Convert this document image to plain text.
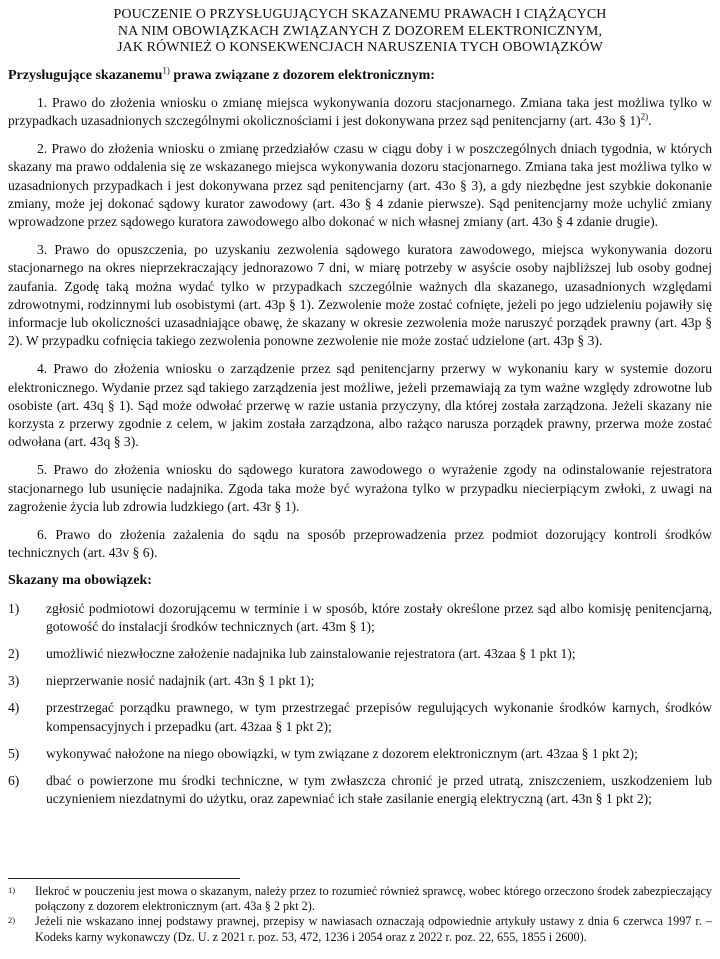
POUCZENIE O PRZYSŁUGUJĄCYCH SKAZANEMU PRAWACH I CIĄŻĄCYCH
NA NIM OBOWIĄZKACH ZWIĄZANYCH Z DOZOREM ELEKTRONICZNYM,
JAK RÓWNIEŻ O KONSEKWENCJACH NARUSZENIA TYCH OBOWIĄZKÓW
Przysługujące skazanemu$^{1)}$ prawa związane z dozorem elektronicznym:

1. Prawo do złożenia wniosku o zmianę miejsca wykonywania dozoru stacjonarnego. Zmiana taka jest możliwa tylko w przypadkach uzasadnionych szczególnymi okolicznościami i jest dokonywana przez sąd penitencjarny (art. 43o § 1)$^{2)}$.

2. Prawo do złożenia wniosku o zmianę przedziałów czasu w ciągu doby i w poszczególnych dniach tygodnia, w których skazany ma prawo oddalenia się ze wskazanego miejsca wykonywania dozoru stacjonarnego. Zmiana taka jest możliwa tylko w uzasadnionych przypadkach i jest dokonywana przez sąd penitencjarny (art. 43o § 3), a gdy niezbędne jest szybkie dokonanie zmiany, może jej dokonać sądowy kurator zawodowy (art. 43o § 4 zdanie pierwsze). Sąd penitencjarny może uchylić zmiany wprowadzone przez sądowego kuratora zawodowego albo dokonać w nich własnej zmiany (art. 43o § 4 zdanie drugie).

3. Prawo do opuszczenia, po uzyskaniu zezwolenia sądowego kuratora zawodowego, miejsca wykonywania dozoru stacjonarnego na okres nieprzekraczający jednorazowo 7 dni, w miarę potrzeby w asyście osoby najbliższej lub osoby godnej zaufania. Zgodę taką można wydać tylko w przypadkach szczególnie ważnych dla skazanego, uzasadnionych względami zdrowotnymi, rodzinnymi lub osobistymi (art. 43p § 1). Zezwolenie może zostać cofnięte, jeżeli po jego udzieleniu pojawiły się informacje lub okoliczności uzasadniające obawę, że skazany w okresie zezwolenia może naruszyć porządek prawny (art. 43p § 2). W przypadku cofnięcia takiego zezwolenia ponowne zezwolenie nie może zostać udzielone (art. 43p § 3).

4. Prawo do złożenia wniosku o zarządzenie przez sąd penitencjarny przerwy w wykonaniu kary w systemie dozoru elektronicznego. Wydanie przez sąd takiego zarządzenia jest możliwe, jeżeli przemawiają za tym ważne względy zdrowotne lub osobiste (art. 43q § 1). Sąd może odwołać przerwę w razie ustania przyczyny, dla której została zarządzona. Jeżeli skazany nie korzysta z przerwy zgodnie z celem, w jakim została zarządzona, albo rażąco narusza porządek prawny, przerwa może zostać odwołana (art. 43q § 3).

5. Prawo do złożenia wniosku do sądowego kuratora zawodowego o wyrażenie zgody na odinstalowanie rejestratora stacjonarnego lub usunięcie nadajnika. Zgoda taka może być wyrażona tylko w przypadku niecierpiącym zwłoki, z uwagi na zagrożenie życia lub zdrowia ludzkiego (art. 43r § 1).

6. Prawo do złożenia zażalenia do sądu na sposób przeprowadzenia przez podmiot dozorujący kontroli środków technicznych (art. 43v § 6).

Skazany ma obowiązek:
1)	zgłosić podmiotowi dozorującemu w terminie i w sposób, które zostały określone przez sąd albo komisję penitencjarną, gotowość do instalacji środków technicznych (art. 43m § 1);
2)	umożliwić niezwłoczne założenie nadajnika lub zainstalowanie rejestratora (art. 43zaa § 1 pkt 1);
3)	nieprzerwanie nosić nadajnik (art. 43n § 1 pkt 1);
4)	przestrzegać porządku prawnego, w tym przestrzegać przepisów regulujących wykonanie środków karnych, środków kompensacyjnych i przepadku (art. 43zaa § 1 pkt 2);
5)	wykonywać nałożone na niego obowiązki, w tym związane z dozorem elektronicznym (art. 43zaa § 1 pkt 2);
6)	dbać o powierzone mu środki techniczne, w tym zwłaszcza chronić je przed utratą, zniszczeniem, uszkodzeniem lub uczynieniem niezdatnymi do użytku, oraz zapewniać ich stałe zasilanie energią elektryczną (art. 43n § 1 pkt 2);
1)	Ilekroć w pouczeniu jest mowa o skazanym, należy przez to rozumieć również sprawcę, wobec którego orzeczono środek zabezpieczający połączony z dozorem elektronicznym (art. 43a § 2 pkt 2).
2)	Jeżeli nie wskazano innej podstawy prawnej, przepisy w nawiasach oznaczają odpowiednie artykuły ustawy z dnia 6 czerwca 1997 r. – Kodeks karny wykonawczy (Dz. U. z 2021 r. poz. 53, 472, 1236 i 2054 oraz z 2022 r. poz. 22, 655, 1855 i 2600).
